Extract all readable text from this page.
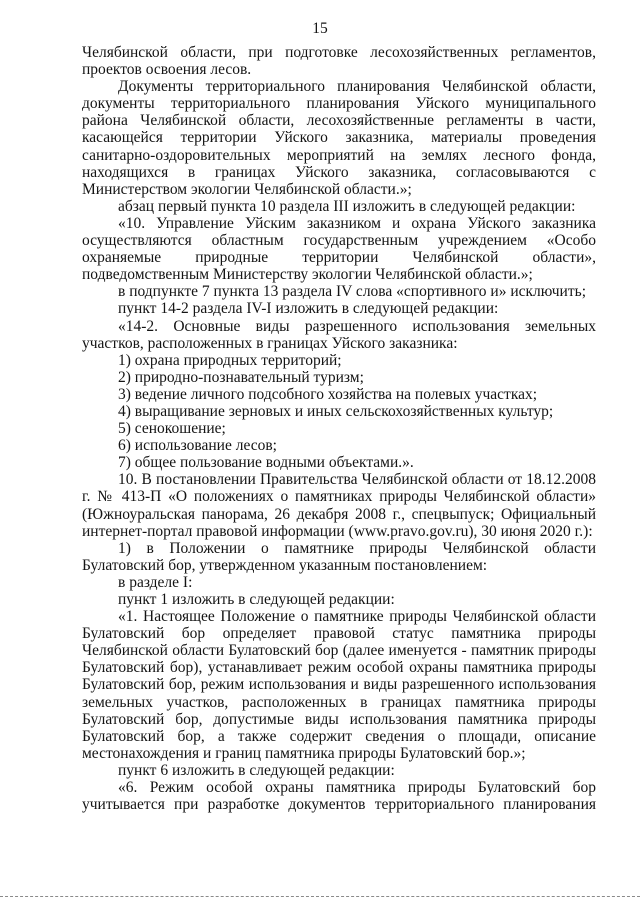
15

Челябинской области, при подготовке лесохозяйственных регламентов, проектов освоения лесов.

Документы территориального планирования Челябинской области, документы территориального планирования Уйского муниципального района Челябинской области, лесохозяйственные регламенты в части, касающейся территории Уйского заказника, материалы проведения санитарно-оздоровительных мероприятий на землях лесного фонда, находящихся в границах Уйского заказника, согласовываются с Министерством экологии Челябинской области.»;

абзац первый пункта 10 раздела III изложить в следующей редакции:

«10. Управление Уйским заказником и охрана Уйского заказника осуществляются областным государственным учреждением «Особо охраняемые природные территории Челябинской области», подведомственным Министерству экологии Челябинской области.»;

в подпункте 7 пункта 13 раздела IV слова «спортивного и» исключить;

пункт 14-2 раздела IV-I изложить в следующей редакции:

«14-2. Основные виды разрешенного использования земельных участков, расположенных в границах Уйского заказника:

1) охрана природных территорий;

2) природно-познавательный туризм;

3) ведение личного подсобного хозяйства на полевых участках;

4) выращивание зерновых и иных сельскохозяйственных культур;

5) сенокошение;

6) использование лесов;

7) общее пользование водными объектами.».

10. В постановлении Правительства Челябинской области от 18.12.2008 г. № 413-П «О положениях о памятниках природы Челябинской области» (Южноуральская панорама, 26 декабря 2008 г., спецвыпуск; Официальный интернет-портал правовой информации (www.pravo.gov.ru), 30 июня 2020 г.):

1) в Положении о памятнике природы Челябинской области Булатовский бор, утвержденном указанным постановлением:

в разделе I:

пункт 1 изложить в следующей редакции:

«1. Настоящее Положение о памятнике природы Челябинской области Булатовский бор определяет правовой статус памятника природы Челябинской области Булатовский бор (далее именуется - памятник природы Булатовский бор), устанавливает режим особой охраны памятника природы Булатовский бор, режим использования и виды разрешенного использования земельных участков, расположенных в границах памятника природы Булатовский бор, допустимые виды использования памятника природы Булатовский бор, а также содержит сведения о площади, описание местонахождения и границ памятника природы Булатовский бор.»;

пункт 6 изложить в следующей редакции:

«6. Режим особой охраны памятника природы Булатовский бор учитывается при разработке документов территориального планирования
